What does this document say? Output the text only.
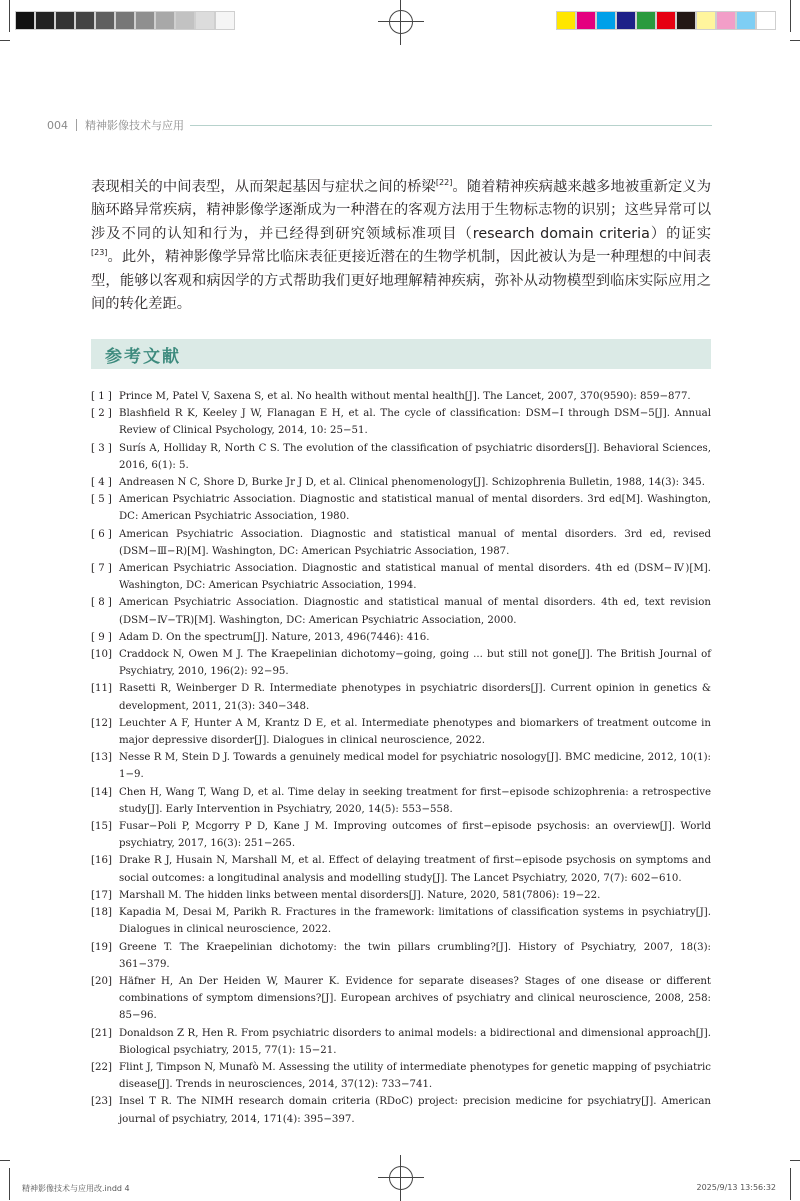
004 精神影像技术与应用
表现相关的中间表型，从而架起基因与症状之间的桥梁[22]。随着精神疾病越来越多地被重新定义为脑环路异常疾病，精神影像学逐渐成为一种潜在的客观方法用于生物标志物的识别；这些异常可以涉及不同的认知和行为，并已经得到研究领域标准项目（research domain criteria）的证实[23]。此外，精神影像学异常比临床表征更接近潜在的生物学机制，因此被认为是一种理想的中间表型，能够以客观和病因学的方式帮助我们更好地理解精神疾病，弥补从动物模型到临床实际应用之间的转化差距。
参考文献
[ 1 ] Prince M, Patel V, Saxena S, et al. No health without mental health[J]. The Lancet, 2007, 370(9590): 859−877.
[ 2 ] Blashfield R K, Keeley J W, Flanagan E H, et al. The cycle of classification: DSM−I through DSM−5[J]. Annual Review of Clinical Psychology, 2014, 10: 25−51.
[ 3 ] Surís A, Holliday R, North C S. The evolution of the classification of psychiatric disorders[J]. Behavioral Sciences, 2016, 6(1): 5.
[ 4 ] Andreasen N C, Shore D, Burke Jr J D, et al. Clinical phenomenology[J]. Schizophrenia Bulletin, 1988, 14(3): 345.
[ 5 ] American Psychiatric Association. Diagnostic and statistical manual of mental disorders. 3rd ed[M]. Washington, DC: American Psychiatric Association, 1980.
[ 6 ] American Psychiatric Association. Diagnostic and statistical manual of mental disorders. 3rd ed, revised (DSM−Ⅲ−R)[M]. Washington, DC: American Psychiatric Association, 1987.
[ 7 ] American Psychiatric Association. Diagnostic and statistical manual of mental disorders. 4th ed (DSM−Ⅳ)[M]. Washington, DC: American Psychiatric Association, 1994.
[ 8 ] American Psychiatric Association. Diagnostic and statistical manual of mental disorders. 4th ed, text revision (DSM−Ⅳ−TR)[M]. Washington, DC: American Psychiatric Association, 2000.
[ 9 ] Adam D. On the spectrum[J]. Nature, 2013, 496(7446): 416.
[10] Craddock N, Owen M J. The Kraepelinian dichotomy−going, going ... but still not gone[J]. The British Journal of Psychiatry, 2010, 196(2): 92−95.
[11] Rasetti R, Weinberger D R. Intermediate phenotypes in psychiatric disorders[J]. Current opinion in genetics & development, 2011, 21(3): 340−348.
[12] Leuchter A F, Hunter A M, Krantz D E, et al. Intermediate phenotypes and biomarkers of treatment outcome in major depressive disorder[J]. Dialogues in clinical neuroscience, 2022.
[13] Nesse R M, Stein D J. Towards a genuinely medical model for psychiatric nosology[J]. BMC medicine, 2012, 10(1): 1−9.
[14] Chen H, Wang T, Wang D, et al. Time delay in seeking treatment for first−episode schizophrenia: a retrospective study[J]. Early Intervention in Psychiatry, 2020, 14(5): 553−558.
[15] Fusar−Poli P, Mcgorry P D, Kane J M. Improving outcomes of first−episode psychosis: an overview[J]. World psychiatry, 2017, 16(3): 251−265.
[16] Drake R J, Husain N, Marshall M, et al. Effect of delaying treatment of first−episode psychosis on symptoms and social outcomes: a longitudinal analysis and modelling study[J]. The Lancet Psychiatry, 2020, 7(7): 602−610.
[17] Marshall M. The hidden links between mental disorders[J]. Nature, 2020, 581(7806): 19−22.
[18] Kapadia M, Desai M, Parikh R. Fractures in the framework: limitations of classification systems in psychiatry[J]. Dialogues in clinical neuroscience, 2022.
[19] Greene T. The Kraepelinian dichotomy: the twin pillars crumbling?[J]. History of Psychiatry, 2007, 18(3): 361−379.
[20] Häfner H, An Der Heiden W, Maurer K. Evidence for separate diseases? Stages of one disease or different combinations of symptom dimensions?[J]. European archives of psychiatry and clinical neuroscience, 2008, 258: 85−96.
[21] Donaldson Z R, Hen R. From psychiatric disorders to animal models: a bidirectional and dimensional approach[J]. Biological psychiatry, 2015, 77(1): 15−21.
[22] Flint J, Timpson N, Munafò M. Assessing the utility of intermediate phenotypes for genetic mapping of psychiatric disease[J]. Trends in neurosciences, 2014, 37(12): 733−741.
[23] Insel T R. The NIMH research domain criteria (RDoC) project: precision medicine for psychiatry[J]. American journal of psychiatry, 2014, 171(4): 395−397.
精神影像技术与应用改.indd 4	2025/9/13 13:56:32
